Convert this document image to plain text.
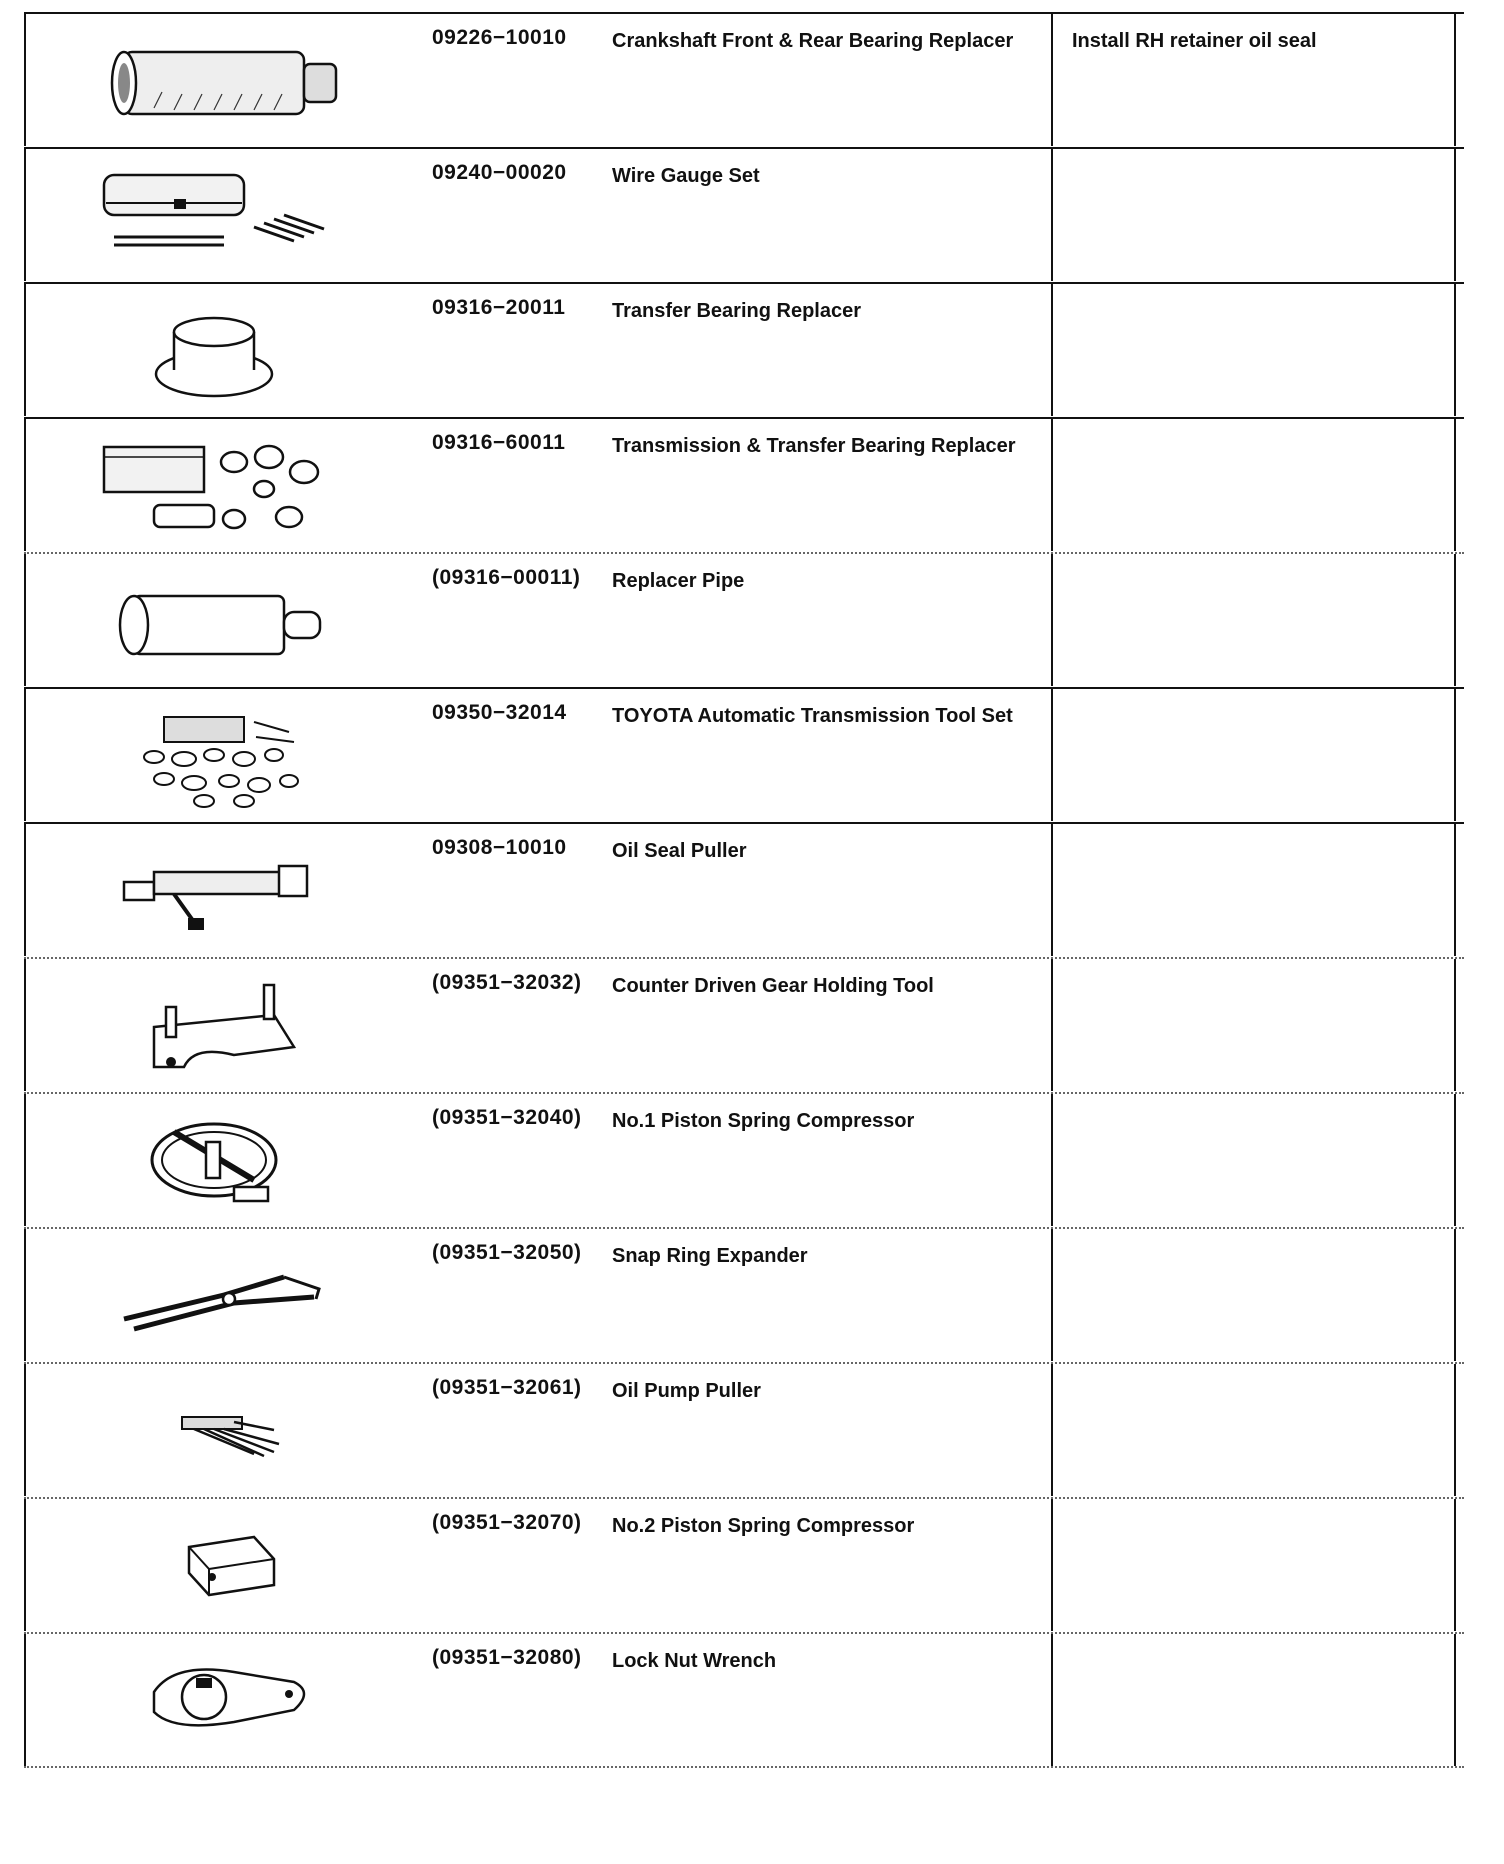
09226−10010 Crankshaft Front & Rear Bearing Replacer	Install RH retainer oil seal
09240−00020 Wire Gauge Set
09316−20011 Transfer Bearing Replacer
09316−60011 Transmission & Transfer Bearing Replacer
(09316−00011) Replacer Pipe
09350−32014 TOYOTA Automatic Transmission Tool Set
09308−10010 Oil Seal Puller
(09351−32032) Counter Driven Gear Holding Tool
(09351−32040) No.1 Piston Spring Compressor
(09351−32050) Snap Ring Expander
(09351−32061) Oil Pump Puller
(09351−32070) No.2 Piston Spring Compressor
(09351−32080) Lock Nut Wrench
